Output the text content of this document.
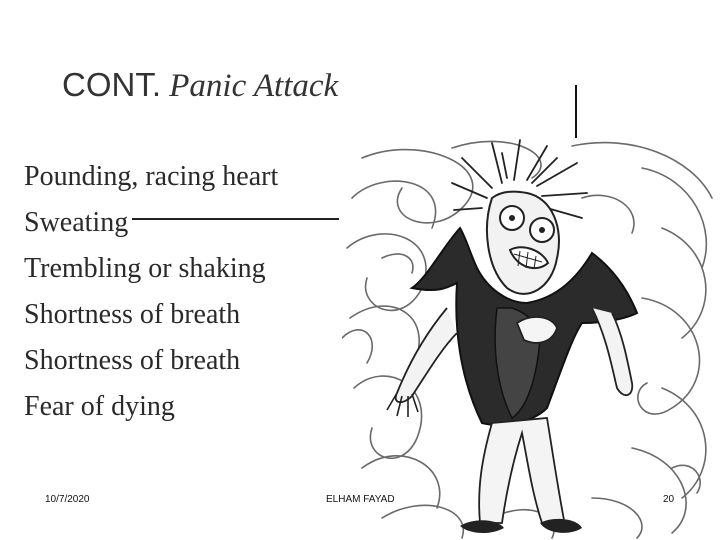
CONT. Panic Attack
Pounding, racing heart
Sweating
Trembling or shaking
Shortness of breath
Shortness of breath
Fear of dying
10/7/2020	ELHAM FAYAD	20
